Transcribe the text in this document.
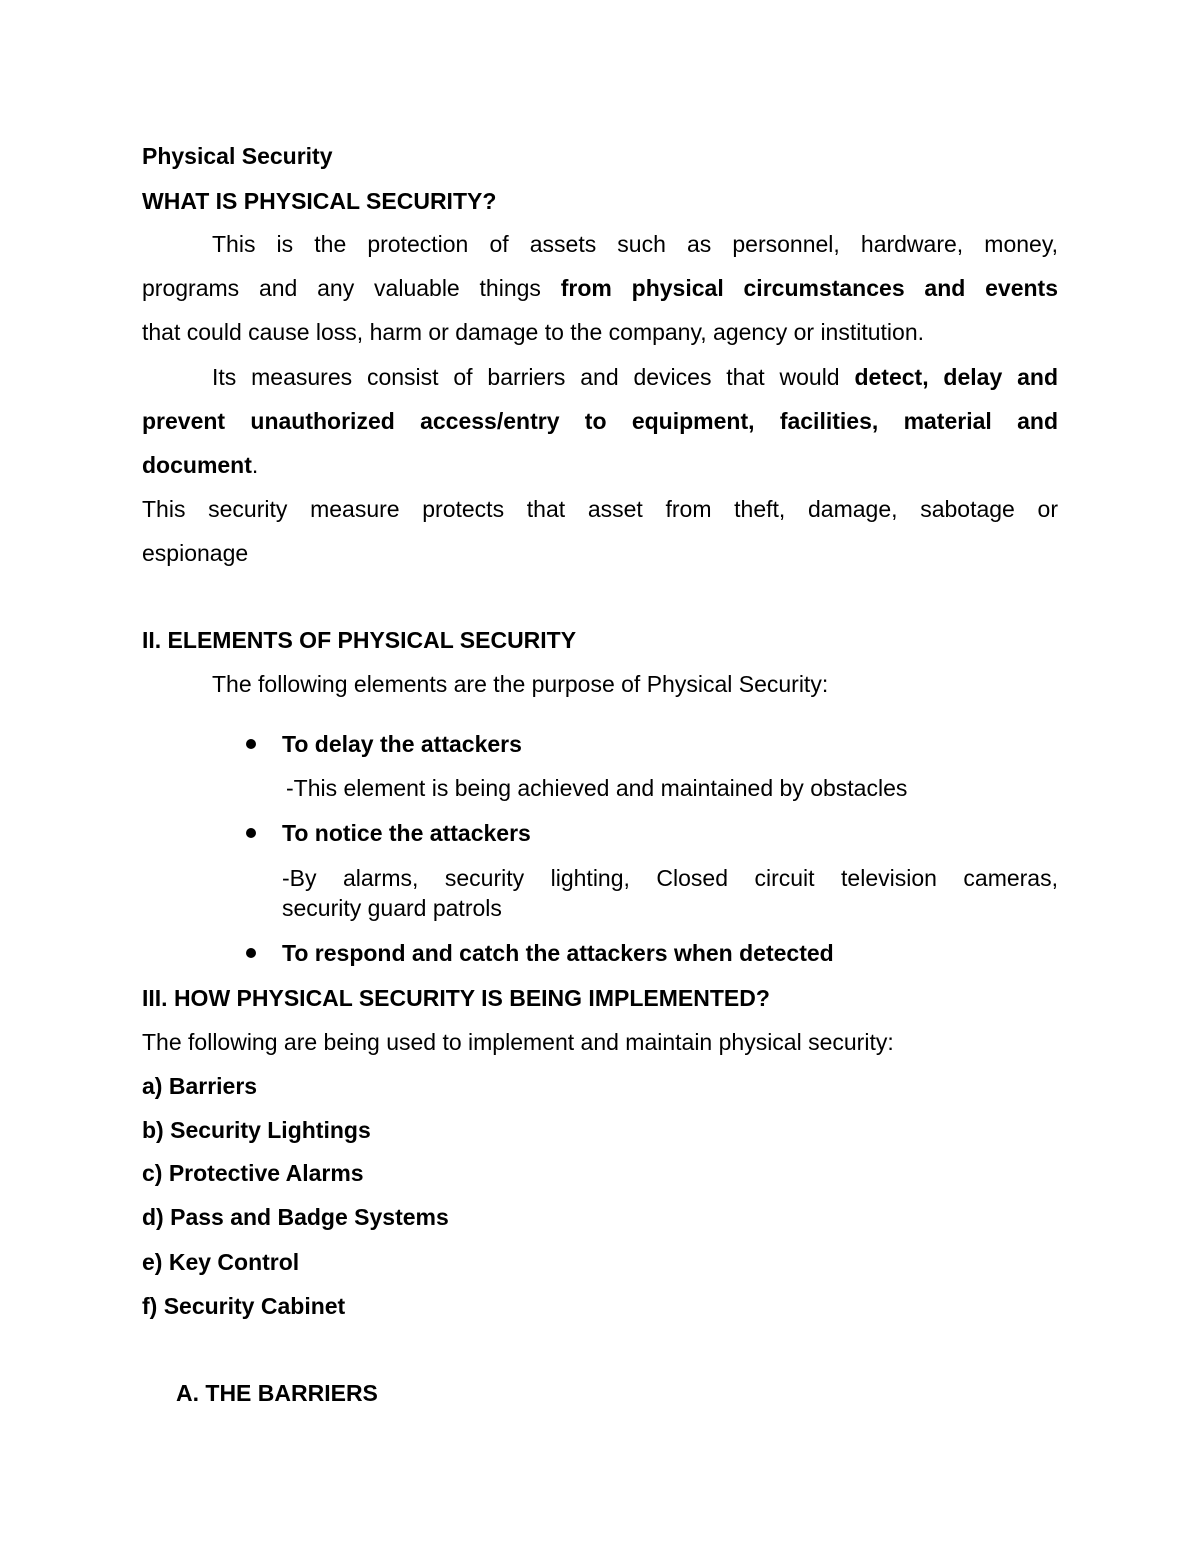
Physical Security
WHAT IS PHYSICAL SECURITY?
This is the protection of assets such as personnel, hardware, money,
programs and any valuable things from physical circumstances and events
that could cause loss, harm or damage to the company, agency or institution.
Its measures consist of barriers and devices that would detect, delay and
prevent unauthorized access/entry to equipment, facilities, material and
document.
This security measure protects that asset from theft, damage, sabotage or
espionage
II. ELEMENTS OF PHYSICAL SECURITY
The following elements are the purpose of Physical Security:
To delay the attackers
-This element is being achieved and maintained by obstacles
To notice the attackers
-By alarms, security lighting, Closed circuit television cameras,
security guard patrols
To respond and catch the attackers when detected
III. HOW PHYSICAL SECURITY IS BEING IMPLEMENTED?
The following are being used to implement and maintain physical security:
a) Barriers
b) Security Lightings
c) Protective Alarms
d) Pass and Badge Systems
e) Key Control
f) Security Cabinet
A. THE BARRIERS
